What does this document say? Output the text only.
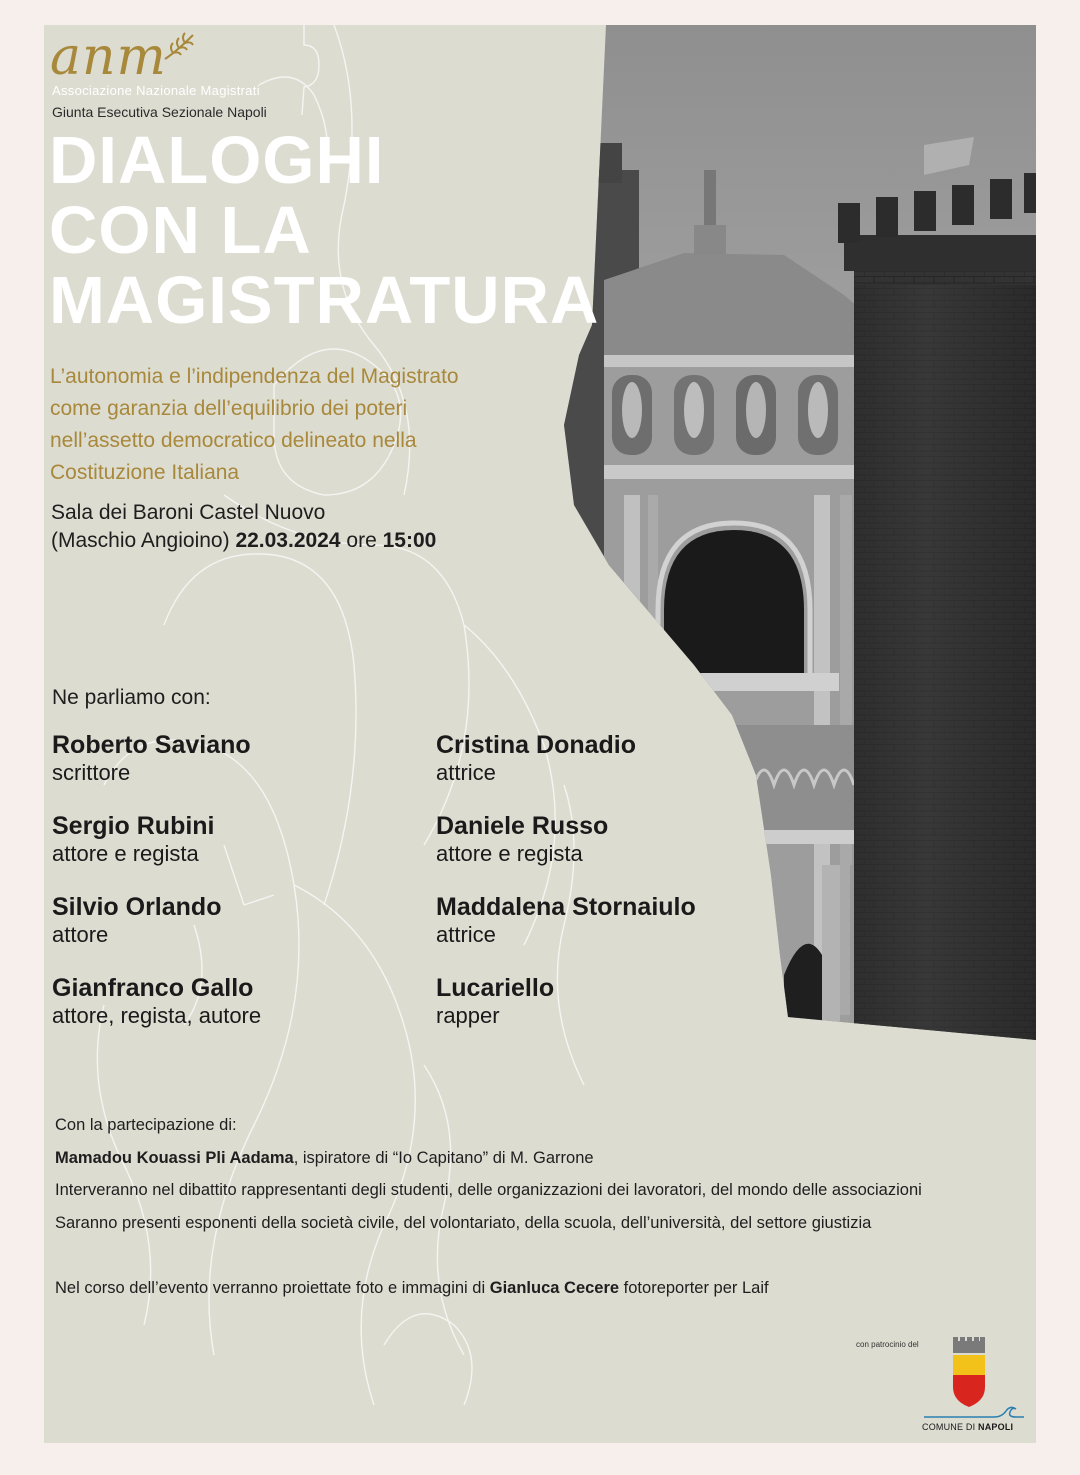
anm
Associazione Nazionale Magistrati
Giunta Esecutiva Sezionale Napoli
DIALOGHI
CON LA
MAGISTRATURA
L’autonomia e l’indipendenza del Magistrato
come garanzia dell’equilibrio dei poteri
nell’assetto democratico delineato nella
Costituzione Italiana
Sala dei Baroni Castel Nuovo
(Maschio Angioino) 22.03.2024 ore 15:00
Ne parliamo con:
Roberto Saviano
scrittore
Cristina Donadio
attrice
Sergio Rubini
attore e regista
Daniele Russo
attore e regista
Silvio Orlando
attore
Maddalena Stornaiulo
attrice
Gianfranco Gallo
attore, regista, autore
Lucariello
rapper

Con la partecipazione di:

Mamadou Kouassi Pli Aadama, ispiratore di “Io Capitano” di M. Garrone

Interveranno nel dibattito rappresentanti degli studenti, delle organizzazioni dei lavoratori, del mondo delle associazioni

Saranno presenti esponenti della società civile, del volontariato, della scuola, dell’università, del settore giustizia

Nel corso dell’evento verranno proiettate foto e immagini di Gianluca Cecere fotoreporter per Laif

con patrocinio del
COMUNE DI NAPOLI
